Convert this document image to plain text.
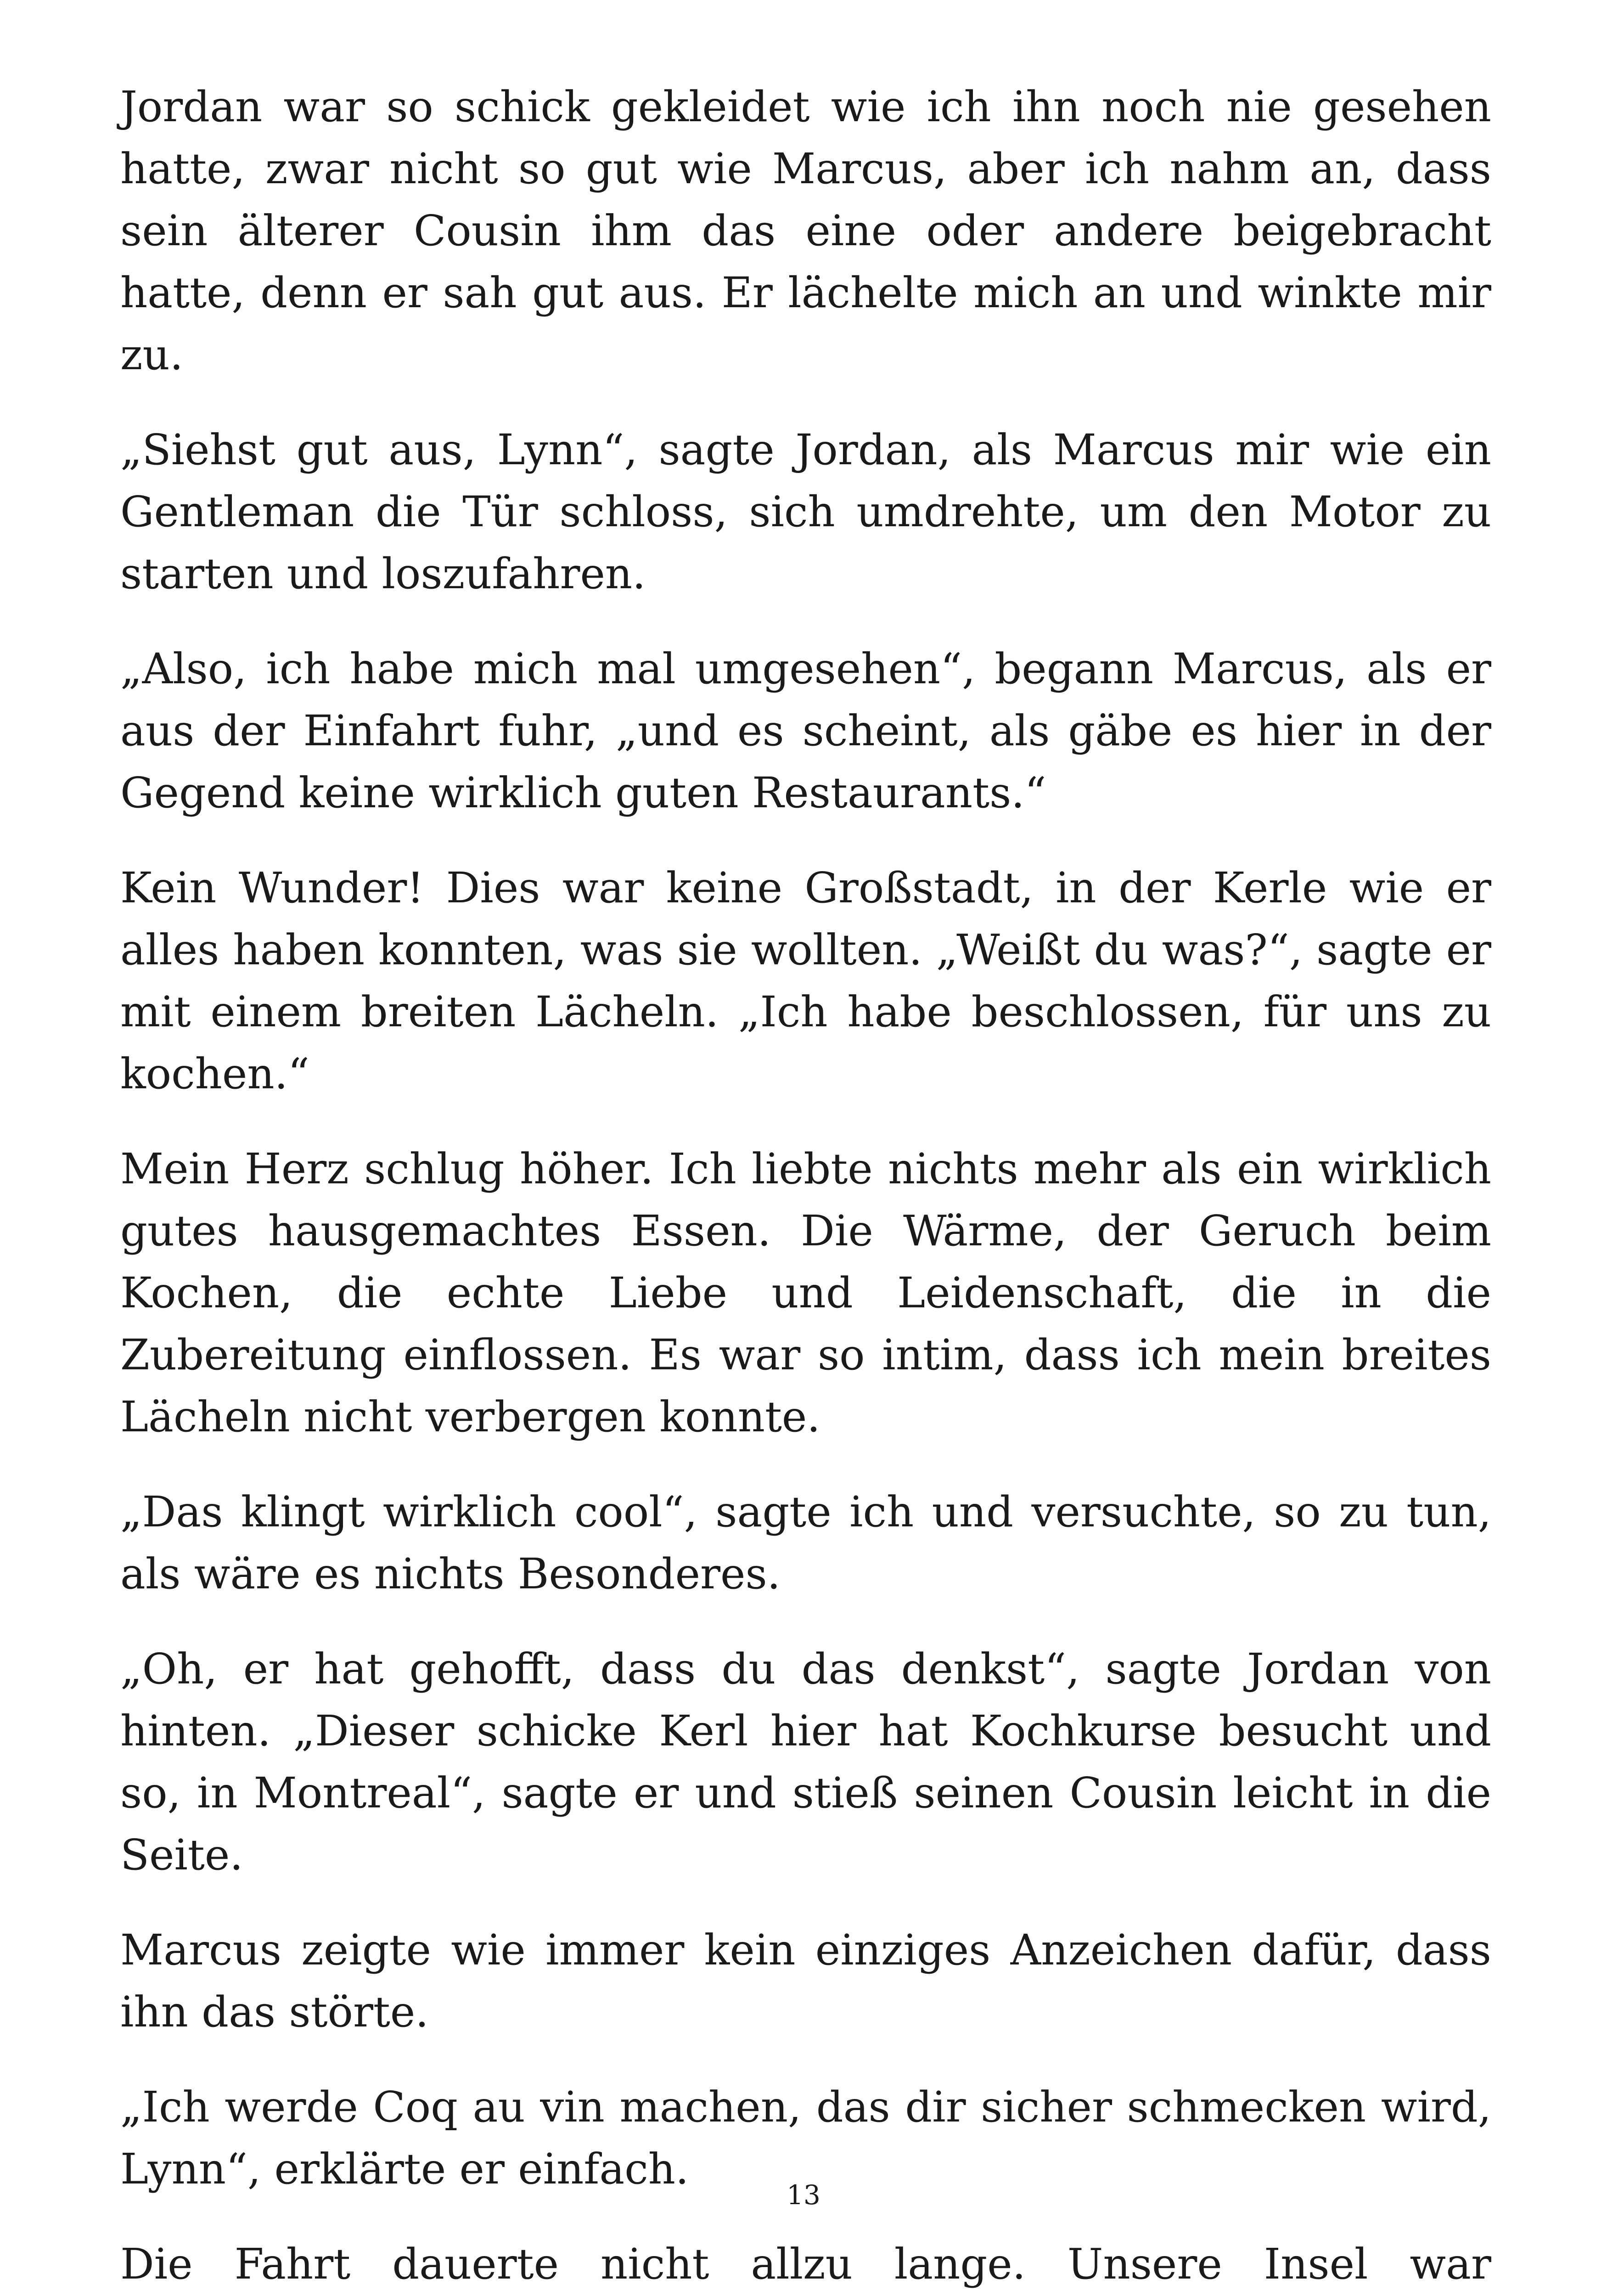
Jordan war so schick gekleidet wie ich ihn noch nie gesehen hatte, zwar nicht so gut wie Marcus, aber ich nahm an, dass sein älterer Cousin ihm das eine oder andere beigebracht hatte, denn er sah gut aus. Er lächelte mich an und winkte mir zu.

„Siehst gut aus, Lynn“, sagte Jordan, als Marcus mir wie ein Gentleman die Tür schloss, sich umdrehte, um den Motor zu starten und loszufahren.

„Also, ich habe mich mal umgesehen“, begann Marcus, als er aus der Einfahrt fuhr, „und es scheint, als gäbe es hier in der Gegend keine wirklich guten Restaurants.“

Kein Wunder! Dies war keine Großstadt, in der Kerle wie er alles haben konnten, was sie wollten. „Weißt du was?“, sagte er mit einem breiten Lächeln. „Ich habe beschlossen, für uns zu kochen.“

Mein Herz schlug höher. Ich liebte nichts mehr als ein wirklich gutes hausgemachtes Essen. Die Wärme, der Geruch beim Kochen, die echte Liebe und Leidenschaft, die in die Zubereitung einflossen. Es war so intim, dass ich mein breites Lächeln nicht verbergen konnte.

„Das klingt wirklich cool“, sagte ich und versuchte, so zu tun, als wäre es nichts Besonderes.

„Oh, er hat gehofft, dass du das denkst“, sagte Jordan von hinten. „Dieser schicke Kerl hier hat Kochkurse besucht und so, in Montreal“, sagte er und stieß seinen Cousin leicht in die Seite.

Marcus zeigte wie immer kein einziges Anzeichen dafür, dass ihn das störte.

„Ich werde Coq au vin machen, das dir sicher schmecken wird, Lynn“, erklärte er einfach.

Die Fahrt dauerte nicht allzu lange. Unsere Insel war

13
